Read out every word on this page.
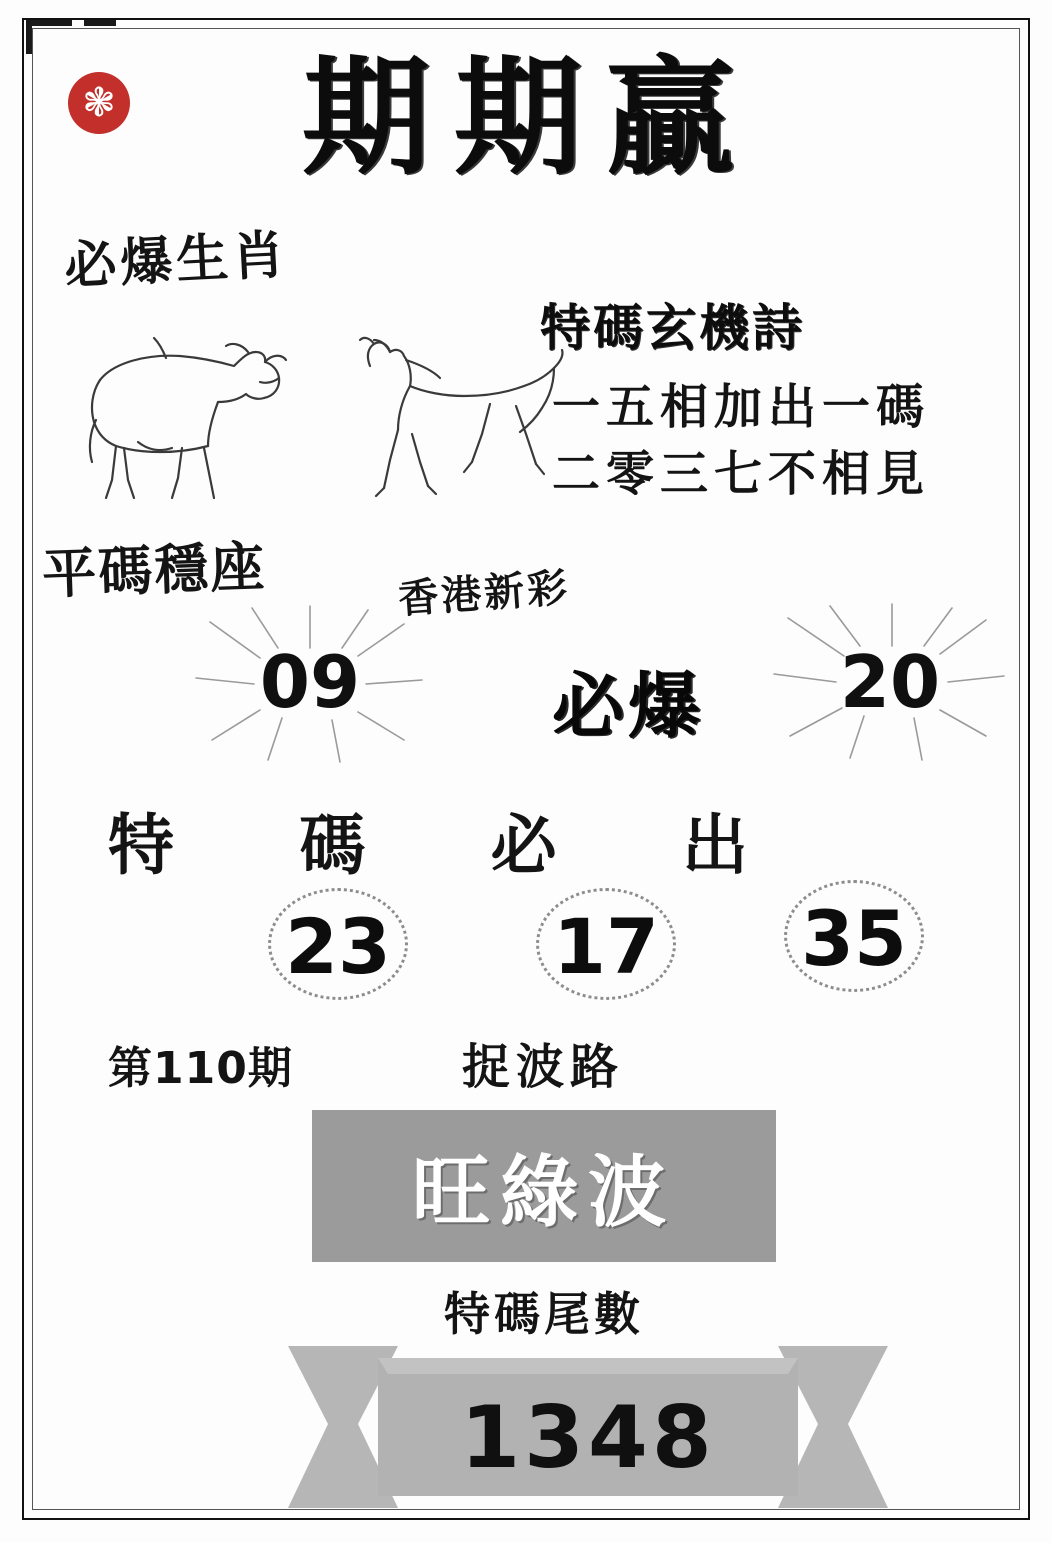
❃	期期贏
必爆生肖
特碼玄機詩
一五相加出一碼
二零三七不相見
平碼穩座	香港新彩
09	必爆	20
特 碼 必 出
23 17 35
第110期	捉波路
旺綠波
特碼尾數
1348
